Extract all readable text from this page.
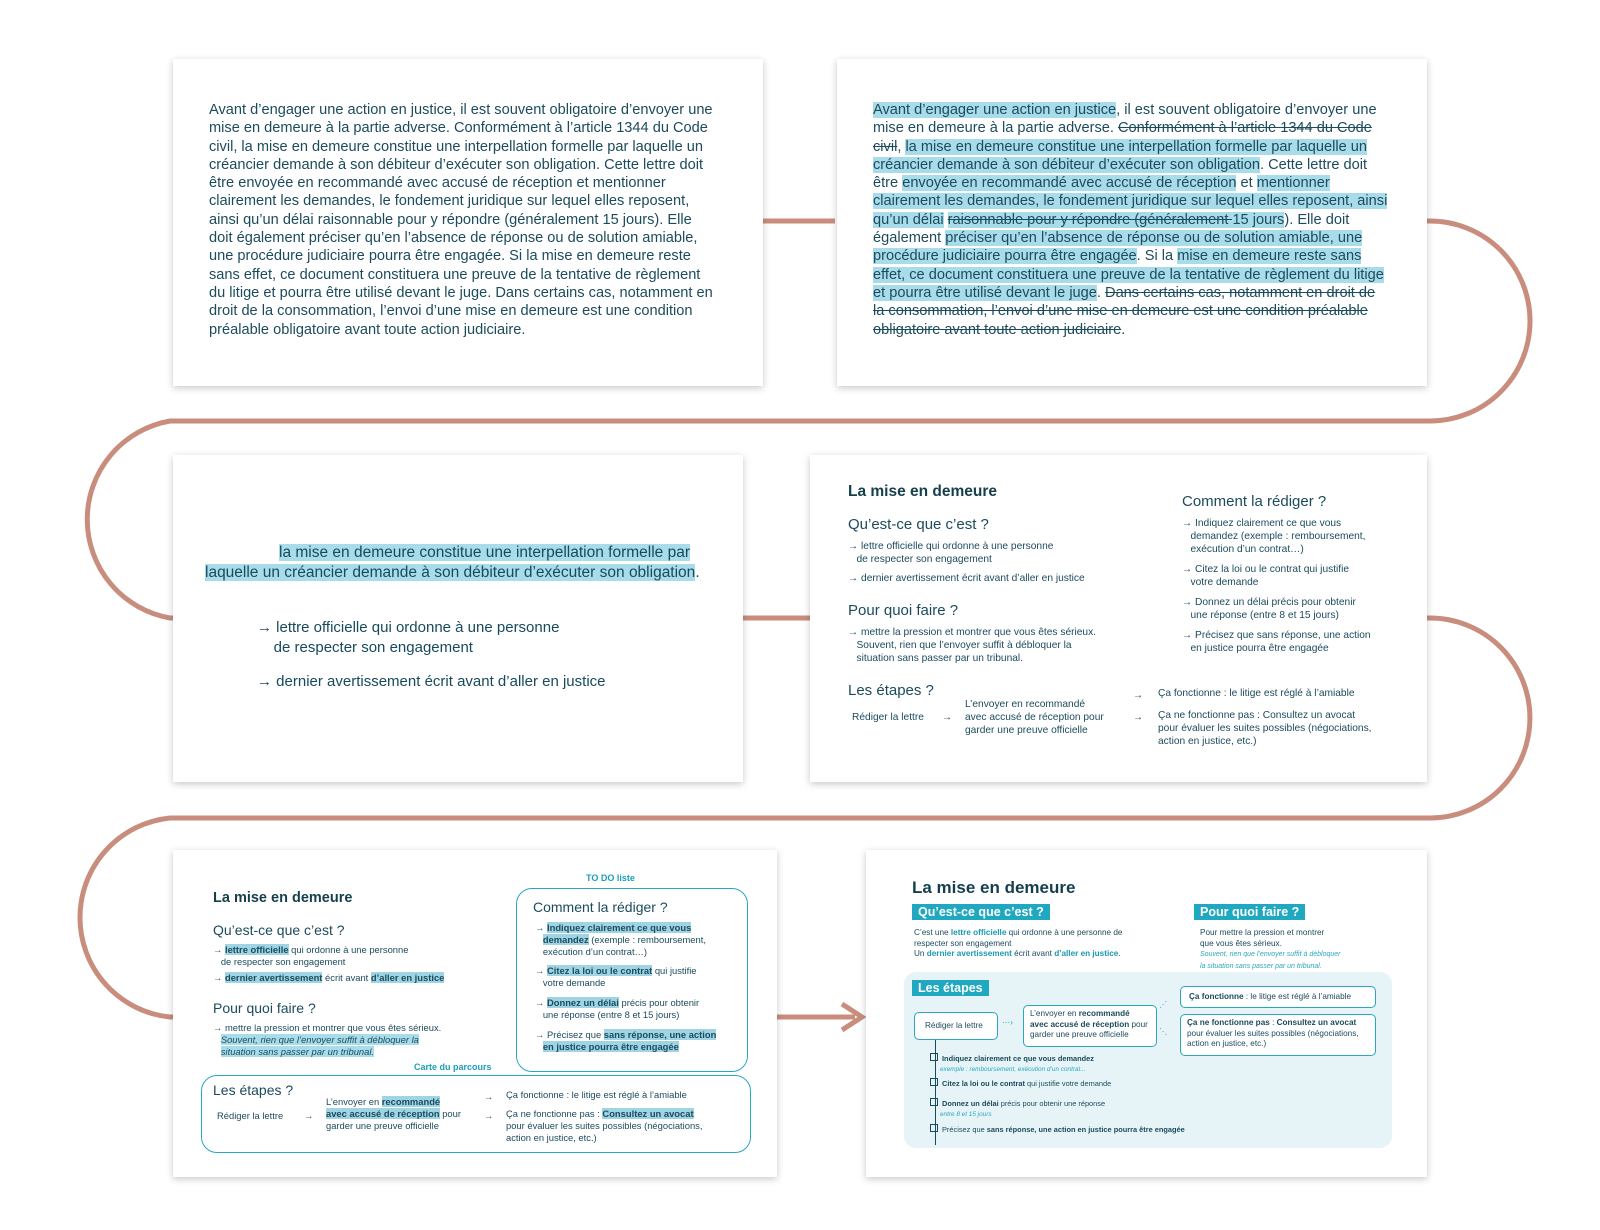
Avant d’engager une action en justice, il est souvent obligatoire d’envoyer une mise en demeure à la partie adverse. Conformément à l’article 1344 du Code civil, la mise en demeure constitue une interpellation formelle par laquelle un créancier demande à son débiteur d’exécuter son obligation. Cette lettre doit être envoyée en recommandé avec accusé de réception et mentionner clairement les demandes, le fondement juridique sur lequel elles reposent, ainsi qu’un délai raisonnable pour y répondre (généralement 15 jours). Elle doit également préciser qu’en l’absence de réponse ou de solution amiable, une procédure judiciaire pourra être engagée. Si la mise en demeure reste sans effet, ce document constituera une preuve de la tentative de règlement du litige et pourra être utilisé devant le juge. Dans certains cas, notamment en droit de la consommation, l’envoi d’une mise en demeure est une condition préalable obligatoire avant toute action judiciaire.
Avant d’engager une action en justice, il est souvent obligatoire d’envoyer une mise en demeure à la partie adverse. Conformément à l’article 1344 du Code civil, la mise en demeure constitue une interpellation formelle par laquelle un créancier demande à son débiteur d’exécuter son obligation. Cette lettre doit être envoyée en recommandé avec accusé de réception et mentionner clairement les demandes, le fondement juridique sur lequel elles reposent, ainsi qu’un délai raisonnable pour y répondre (généralement 15 jours). Elle doit également préciser qu’en l’absence de réponse ou de solution amiable, une procédure judiciaire pourra être engagée. Si la mise en demeure reste sans effet, ce document constituera une preuve de la tentative de règlement du litige et pourra être utilisé devant le juge. Dans certains cas, notamment en droit de la consommation, l’envoi d’une mise en demeure est une condition préalable obligatoire avant toute action judiciaire.
la mise en demeure constitue une interpellation formelle par laquelle un créancier demande à son débiteur d’exécuter son obligation.
→ lettre officielle qui ordonne à une personne
de respecter son engagement
→ dernier avertissement écrit avant d’aller en justice
La mise en demeure
Qu’est-ce que c’est ?
→ lettre officielle qui ordonne à une personne
de respecter son engagement
→ dernier avertissement écrit avant d’aller en justice
Pour quoi faire ?
→ mettre la pression et montrer que vous êtes sérieux.
Souvent, rien que l’envoyer suffit à débloquer la
situation sans passer par un tribunal.
Comment la rédiger ?
→ Indiquez clairement ce que vous
demandez (exemple : remboursement,
exécution d’un contrat…)
→ Citez la loi ou le contrat qui justifie
votre demande
→ Donnez un délai précis pour obtenir
une réponse (entre 8 et 15 jours)
→ Précisez que sans réponse, une action
en justice pourra être engagée
Les étapes ?
Rédiger la lettre →
L’envoyer en recommandé
avec accusé de réception pour
garder une preuve officielle
→
→
Ça fonctionne : le litige est réglé à l’amiable
Ça ne fonctionne pas : Consultez un avocat
pour évaluer les suites possibles (négociations,
action en justice, etc.)
La mise en demeure
Qu’est-ce que c’est ?
→ lettre officielle qui ordonne à une personne
de respecter son engagement
→ dernier avertissement écrit avant d’aller en justice
Pour quoi faire ?
→ mettre la pression et montrer que vous êtes sérieux.
Souvent, rien que l’envoyer suffit à débloquer la
situation sans passer par un tribunal.
TO DO liste
Comment la rédiger ?
→ Indiquez clairement ce que vous
demandez (exemple : remboursement,
exécution d’un contrat…)
→ Citez la loi ou le contrat qui justifie
votre demande
→ Donnez un délai précis pour obtenir
une réponse (entre 8 et 15 jours)
→ Précisez que sans réponse, une action
en justice pourra être engagée
Carte du parcours
Les étapes ?
Rédiger la lettre →
L’envoyer en recommandé
avec accusé de réception pour
garder une preuve officielle
→
→
Ça fonctionne : le litige est réglé à l’amiable
Ça ne fonctionne pas : Consultez un avocat
pour évaluer les suites possibles (négociations,
action en justice, etc.)
La mise en demeure
Qu’est-ce que c’est ?
C’est une lettre officielle qui ordonne à une personne de
respecter son engagement
Un dernier avertissement écrit avant d’aller en justice.
Pour quoi faire ?
Pour mettre la pression et montrer
que vous êtes sérieux.
Souvent, rien que l’envoyer suffit à débloquer
la situation sans passer par un tribunal.
Les étapes
Rédiger la lettre	⋯›
L’envoyer en recommandé
avec accusé de réception pour
garder une preuve officielle
⋰
⋱
Ça fonctionne : le litige est réglé à l’amiable
Ça ne fonctionne pas : Consultez un avocat
pour évaluer les suites possibles (négociations,
action en justice, etc.)
Indiquez clairement ce que vous demandez
exemple : remboursement, exécution d’un contrat...
Citez la loi ou le contrat qui justifie votre demande
Donnez un délai précis pour obtenir une réponse
entre 8 et 15 jours
Précisez que sans réponse, une action en justice pourra être engagée
